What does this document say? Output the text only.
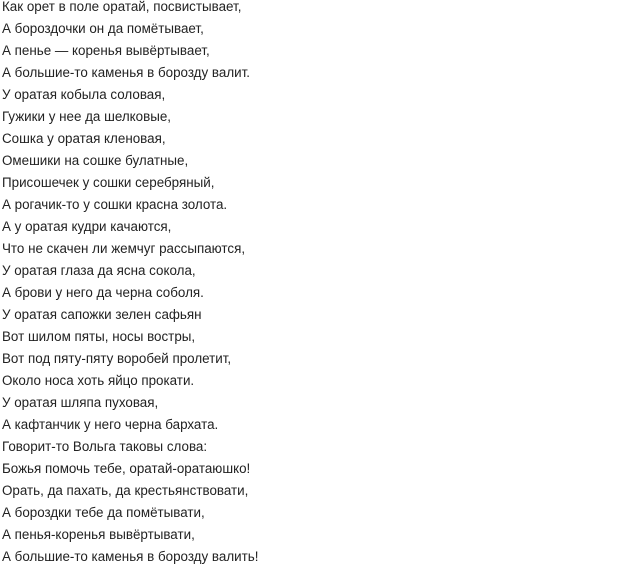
Как орет в поле оратай, посвистывает,
А бороздочки он да помётывает,
А пенье — коренья вывёртывает,
А большие-то каменья в борозду валит.
У оратая кобыла соловая,
Гужики у нее да шелковые,
Сошка у оратая кленовая,
Омешики на сошке булатные,
Присошечек у сошки серебряный,
А рогачик-то у сошки красна золота.
А у оратая кудри качаются,
Что не скачен ли жемчуг рассыпаются,
У оратая глаза да ясна сокола,
А брови у него да черна соболя.
У оратая сапожки зелен сафьян
Вот шилом пяты, носы востры,
Вот под пяту-пяту воробей пролетит,
Около носа хоть яйцо прокати.
У оратая шляпа пуховая,
А кафтанчик у него черна бархата.
Говорит-то Вольга таковы слова:
Божья помочь тебе, оратай-оратаюшко!
Орать, да пахать, да крестьянствовати,
А бороздки тебе да помётывати,
А пенья-коренья вывёртывати,
А большие-то каменья в борозду валить!
